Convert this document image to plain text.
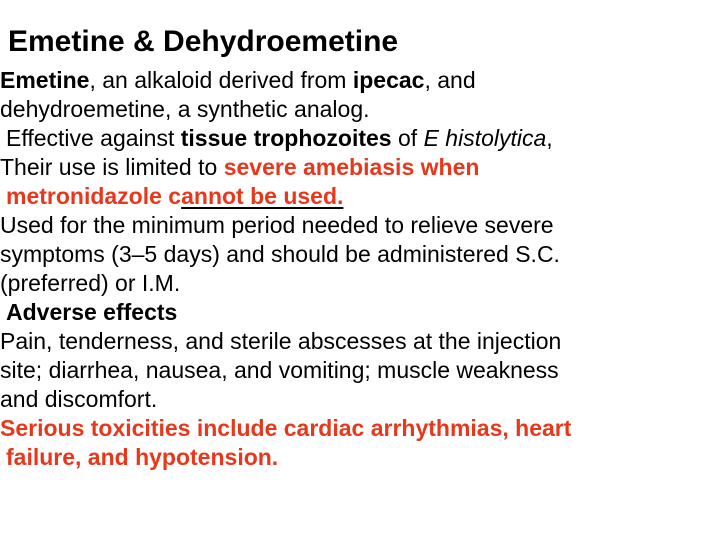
Emetine & Dehydroemetine
Emetine, an alkaloid derived from ipecac, and
dehydroemetine, a synthetic analog.
Effective against tissue trophozoites of E histolytica,
Their use is limited to severe amebiasis when
metronidazole cannot be used.
Used for the minimum period needed to relieve severe
symptoms (3–5 days) and should be administered S.C.
(preferred) or I.M.
Adverse effects
Pain, tenderness, and sterile abscesses at the injection
site; diarrhea, nausea, and vomiting; muscle weakness
and discomfort.
Serious toxicities include cardiac arrhythmias, heart
failure, and hypotension.
